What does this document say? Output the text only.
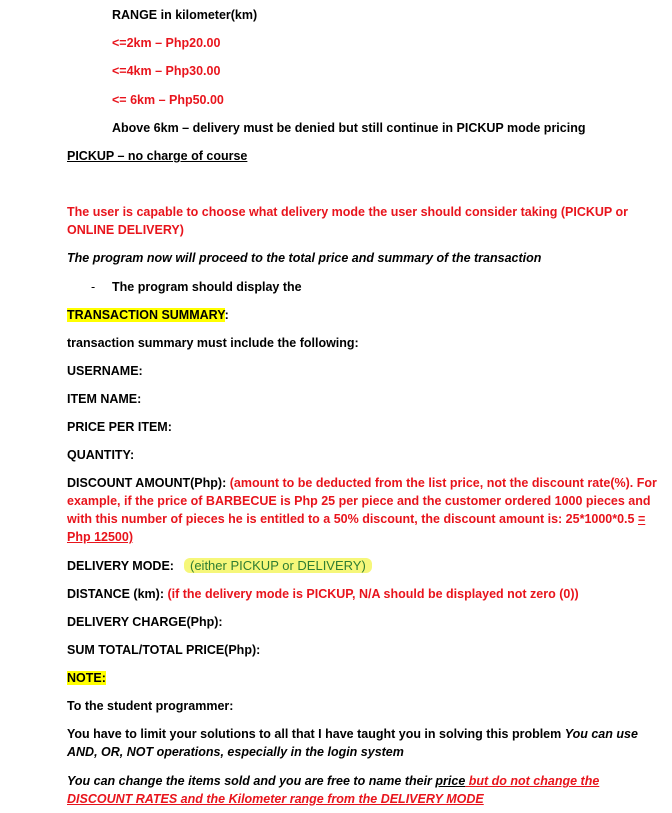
RANGE in kilometer(km)
<=2km – Php20.00
<=4km – Php30.00
<= 6km – Php50.00
Above 6km – delivery must be denied but still continue in PICKUP mode pricing
PICKUP – no charge of course
The user is capable to choose what delivery mode the user should consider taking (PICKUP or ONLINE DELIVERY)
The program now will proceed to the total price and summary of the transaction
- The program should display the
TRANSACTION SUMMARY:
transaction summary must include the following:
USERNAME:
ITEM NAME:
PRICE PER ITEM:
QUANTITY:
DISCOUNT AMOUNT(Php): (amount to be deducted from the list price, not the discount rate(%). For example, if the price of BARBECUE is Php 25 per piece and the customer ordered 1000 pieces and with this number of pieces he is entitled to a 50% discount, the discount amount is: 25*1000*0.5 = Php 12500)
DELIVERY MODE:	(either PICKUP or DELIVERY)
DISTANCE (km): (if the delivery mode is PICKUP, N/A should be displayed not zero (0))
DELIVERY CHARGE(Php):
SUM TOTAL/TOTAL PRICE(Php):
NOTE:
To the student programmer:
You have to limit your solutions to all that I have taught you in solving this problem You can use AND, OR, NOT operations, especially in the login system
You can change the items sold and you are free to name their price but do not change the DISCOUNT RATES and the Kilometer range from the DELIVERY MODE
